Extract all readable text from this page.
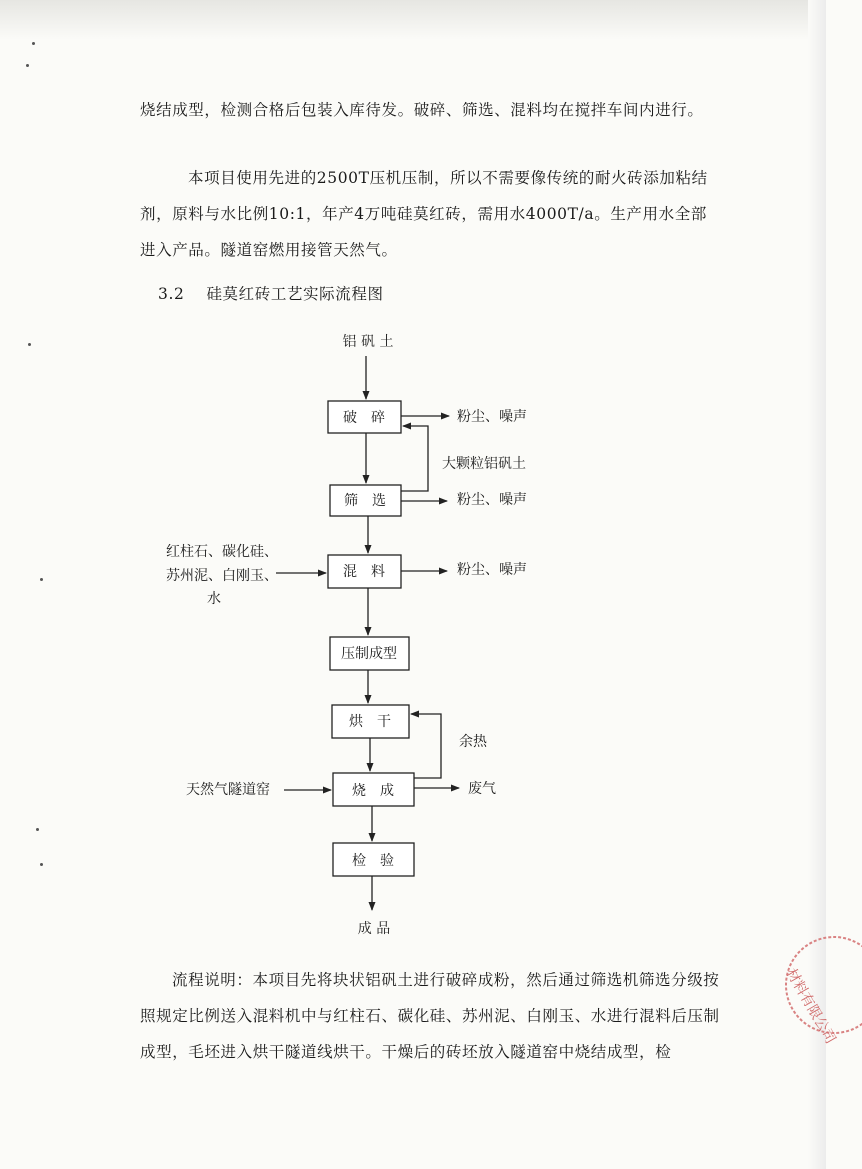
烧结成型，检测合格后包装入库待发。破碎、筛选、混料均在搅拌车间内进行。
本项目使用先进的2500T压机压制，所以不需要像传统的耐火砖添加粘结剂，原料与水比例10:1，年产4万吨硅莫红砖，需用水4000T/a。生产用水全部进入产品。隧道窑燃用接管天然气。
3.2 硅莫红砖工艺实际流程图
铝 矾 土
破　碎	粉尘、噪声
大颗粒铝矾土
筛　选	粉尘、噪声
红柱石、碳化硅、
苏州泥、白刚玉、
水
混　料	粉尘、噪声
压制成型
烘　干
余热
天然气隧道窑	烧　成	废气
检　验
成 品
流程说明：本项目先将块状铝矾土进行破碎成粉，然后通过筛选机筛选分级按照规定比例送入混料机中与红柱石、碳化硅、苏州泥、白刚玉、水进行混料后压制成型，毛坯进入烘干隧道线烘干。干燥后的砖坯放入隧道窑中烧结成型，检
材料有限公司
